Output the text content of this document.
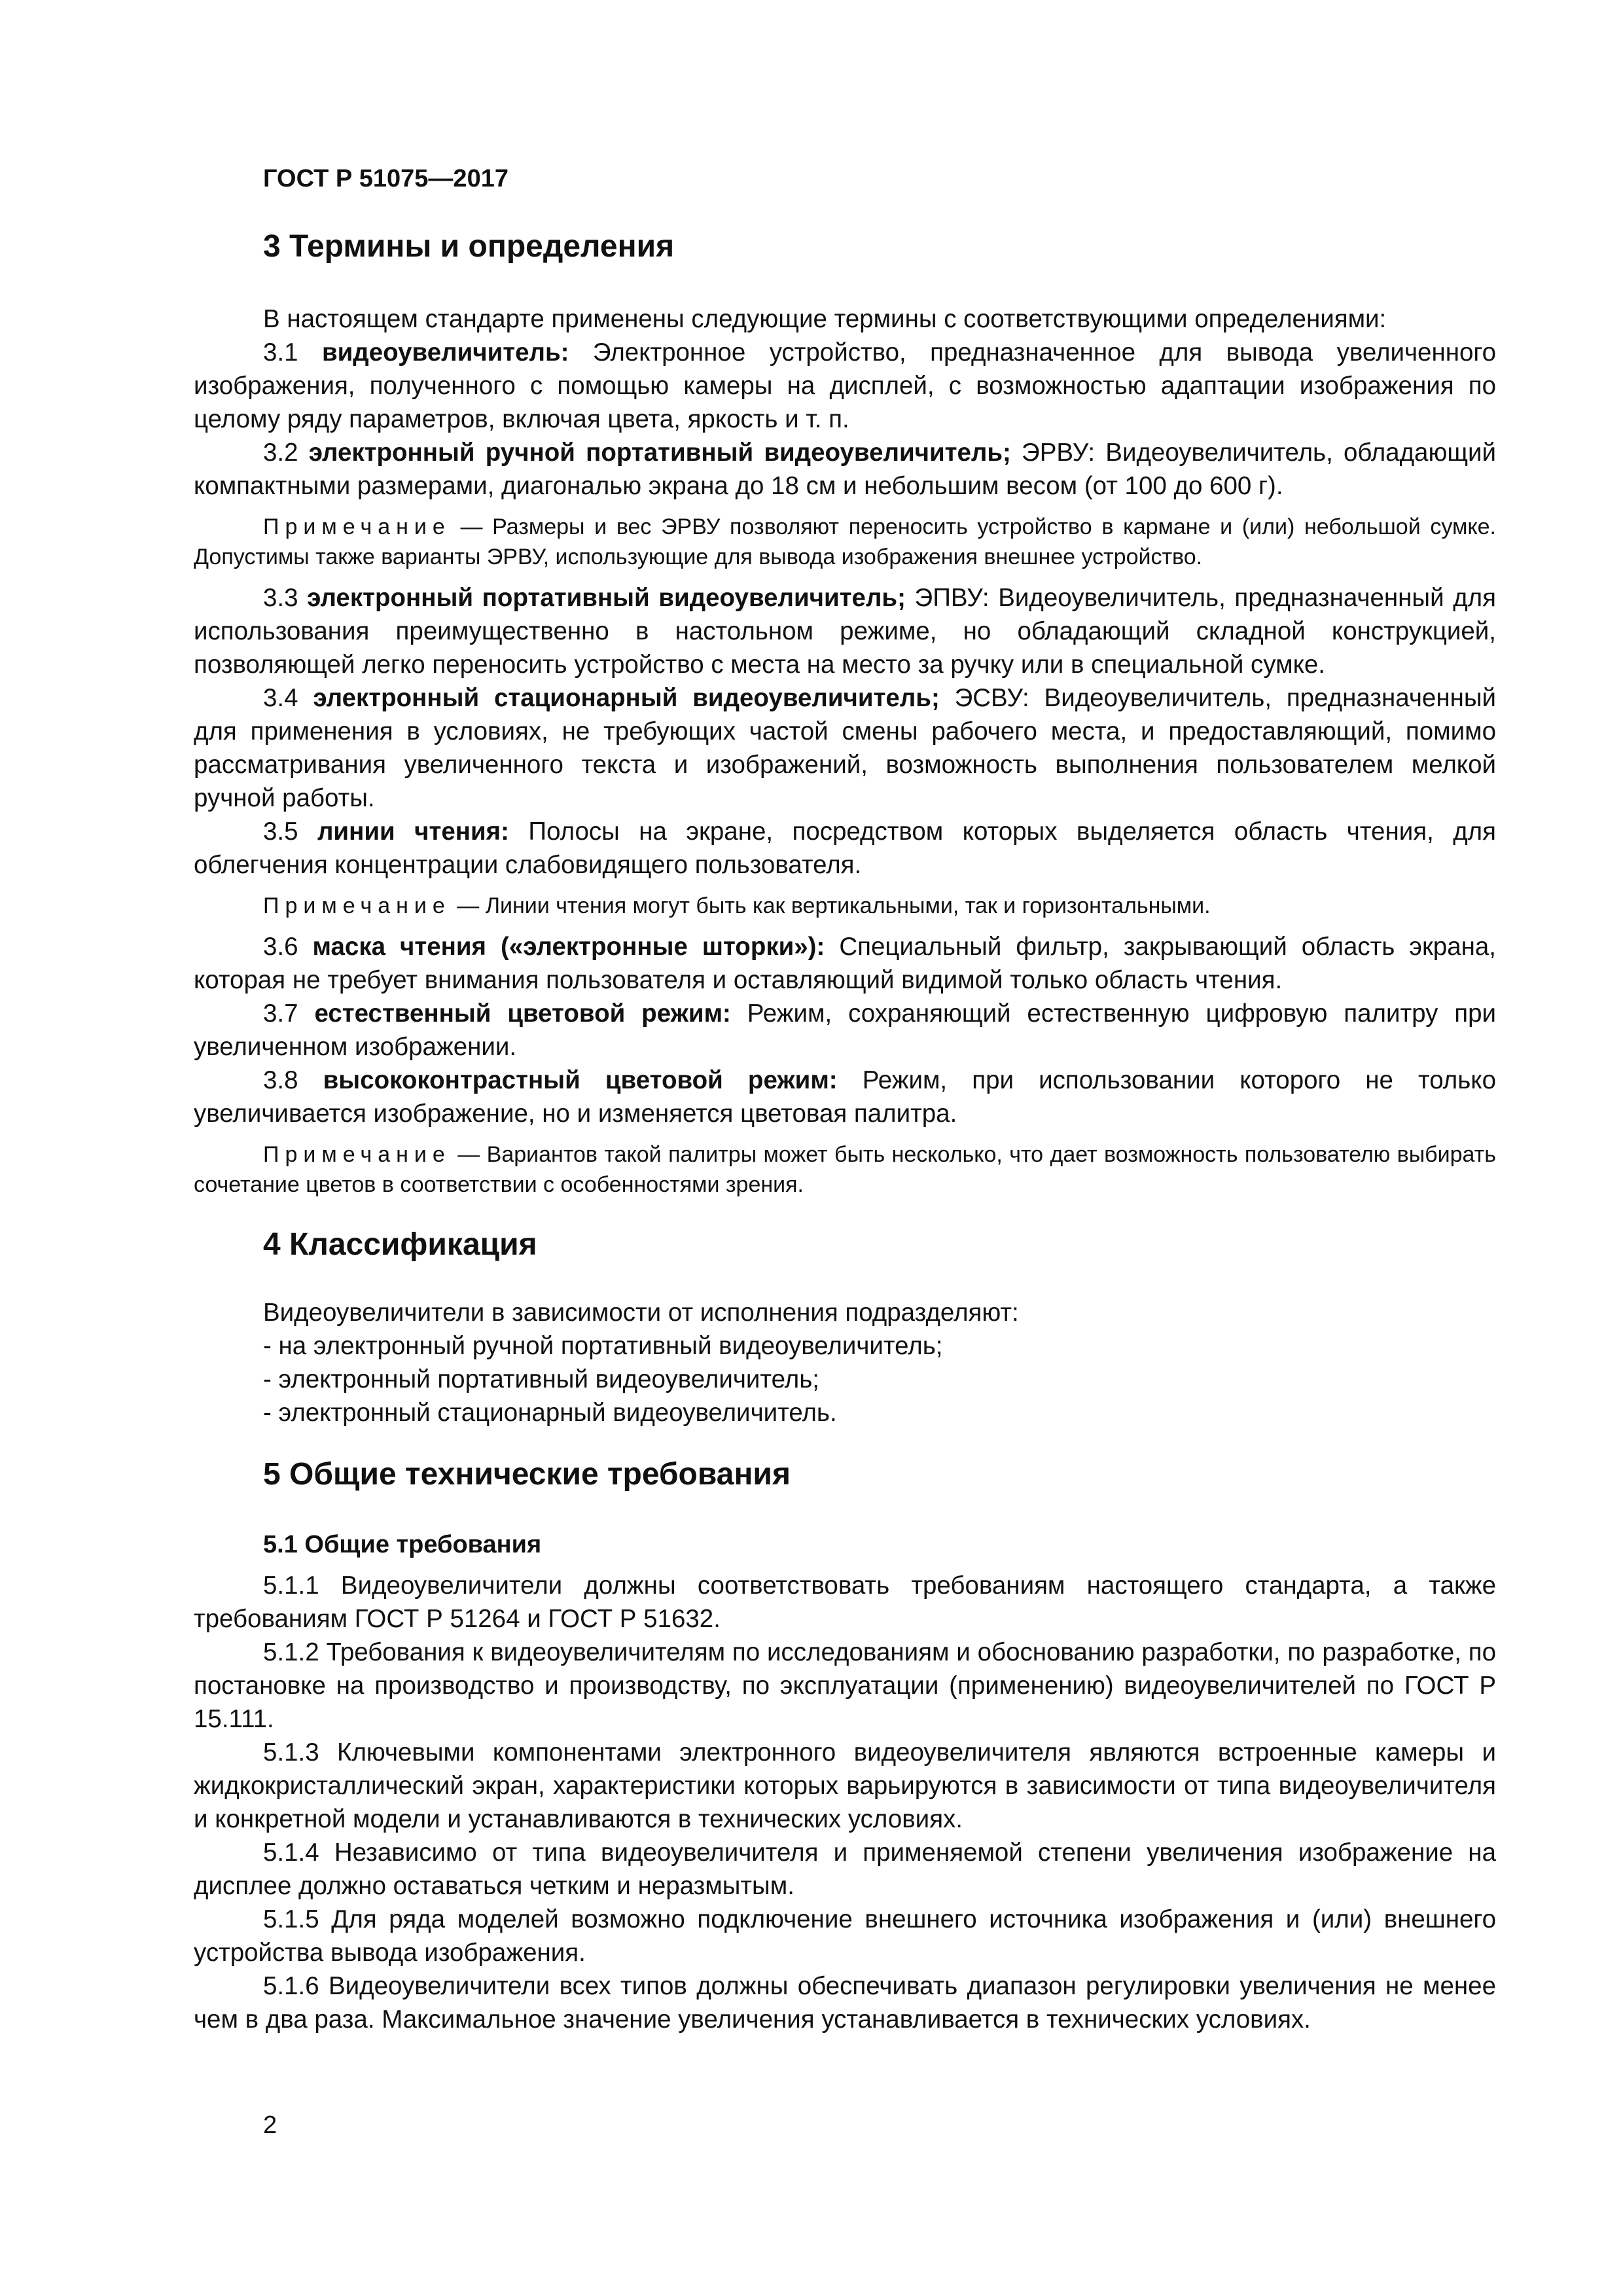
ГОСТ Р 51075—2017

3 Термины и определения

В настоящем стандарте применены следующие термины с соответствующими определениями:

3.1 видеоувеличитель: Электронное устройство, предназначенное для вывода увеличенного изображения, полученного с помощью камеры на дисплей, с возможностью адаптации изображения по целому ряду параметров, включая цвета, яркость и т. п.

3.2 электронный ручной портативный видеоувеличитель; ЭРВУ: Видеоувеличитель, обладающий компактными размерами, диагональю экрана до 18 см и небольшим весом (от 100 до 600 г).

Примечание — Размеры и вес ЭРВУ позволяют переносить устройство в кармане и (или) небольшой сумке. Допустимы также варианты ЭРВУ, использующие для вывода изображения внешнее устройство.

3.3 электронный портативный видеоувеличитель; ЭПВУ: Видеоувеличитель, предназначенный для использования преимущественно в настольном режиме, но обладающий складной конструкцией, позволяющей легко переносить устройство с места на место за ручку или в специальной сумке.

3.4 электронный стационарный видеоувеличитель; ЭСВУ: Видеоувеличитель, предназначенный для применения в условиях, не требующих частой смены рабочего места, и предоставляющий, помимо рассматривания увеличенного текста и изображений, возможность выполнения пользователем мелкой ручной работы.

3.5 линии чтения: Полосы на экране, посредством которых выделяется область чтения, для облегчения концентрации слабовидящего пользователя.

Примечание — Линии чтения могут быть как вертикальными, так и горизонтальными.

3.6 маска чтения («электронные шторки»): Специальный фильтр, закрывающий область экрана, которая не требует внимания пользователя и оставляющий видимой только область чтения.

3.7 естественный цветовой режим: Режим, сохраняющий естественную цифровую палитру при увеличенном изображении.

3.8 высококонтрастный цветовой режим: Режим, при использовании которого не только увеличивается изображение, но и изменяется цветовая палитра.

Примечание — Вариантов такой палитры может быть несколько, что дает возможность пользователю выбирать сочетание цветов в соответствии с особенностями зрения.

4 Классификация

Видеоувеличители в зависимости от исполнения подразделяют:

- на электронный ручной портативный видеоувеличитель;
- электронный портативный видеоувеличитель;
- электронный стационарный видеоувеличитель.
5 Общие технические требования
5.1 Общие требования

5.1.1 Видеоувеличители должны соответствовать требованиям настоящего стандарта, а также требованиям ГОСТ Р 51264 и ГОСТ Р 51632.

5.1.2 Требования к видеоувеличителям по исследованиям и обоснованию разработки, по разработке, по постановке на производство и производству, по эксплуатации (применению) видеоувеличителей по ГОСТ Р 15.111.

5.1.3 Ключевыми компонентами электронного видеоувеличителя являются встроенные камеры и жидкокристаллический экран, характеристики которых варьируются в зависимости от типа видеоувеличителя и конкретной модели и устанавливаются в технических условиях.

5.1.4 Независимо от типа видеоувеличителя и применяемой степени увеличения изображение на дисплее должно оставаться четким и неразмытым.

5.1.5 Для ряда моделей возможно подключение внешнего источника изображения и (или) внешнего устройства вывода изображения.

5.1.6 Видеоувеличители всех типов должны обеспечивать диапазон регулировки увеличения не менее чем в два раза. Максимальное значение увеличения устанавливается в технических условиях.

2
